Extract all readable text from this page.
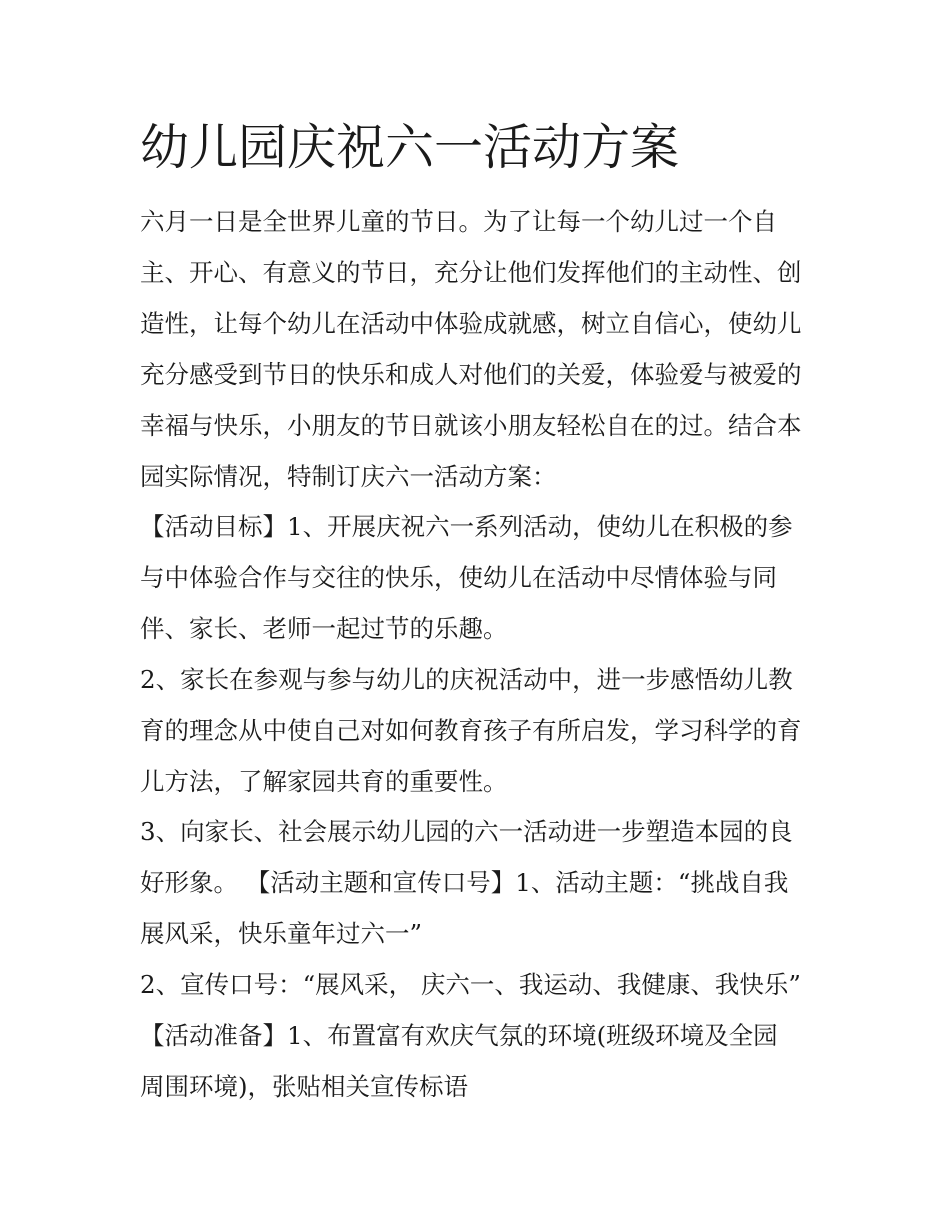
幼儿园庆祝六一活动方案

六月一日是全世界儿童的节日。为了让每一个幼儿过一个自

主、开心、有意义的节日，充分让他们发挥他们的主动性、创

造性，让每个幼儿在活动中体验成就感，树立自信心，使幼儿

充分感受到节日的快乐和成人对他们的关爱，体验爱与被爱的

幸福与快乐，小朋友的节日就该小朋友轻松自在的过。结合本

园实际情况，特制订庆六一活动方案：

【活动目标】1、开展庆祝六一系列活动，使幼儿在积极的参

与中体验合作与交往的快乐，使幼儿在活动中尽情体验与同

伴、家长、老师一起过节的乐趣。

2、家长在参观与参与幼儿的庆祝活动中，进一步感悟幼儿教

育的理念从中使自己对如何教育孩子有所启发，学习科学的育

儿方法，了解家园共育的重要性。

3、向家长、社会展示幼儿园的六一活动进一步塑造本园的良

好形象。 【活动主题和宣传口号】1、活动主题：“挑战自我

展风采，快乐童年过六一”

2、宣传口号：“展风采， 庆六一、我运动、我健康、我快乐”

【活动准备】1、布置富有欢庆气氛的环境(班级环境及全园

周围环境)，张贴相关宣传标语
